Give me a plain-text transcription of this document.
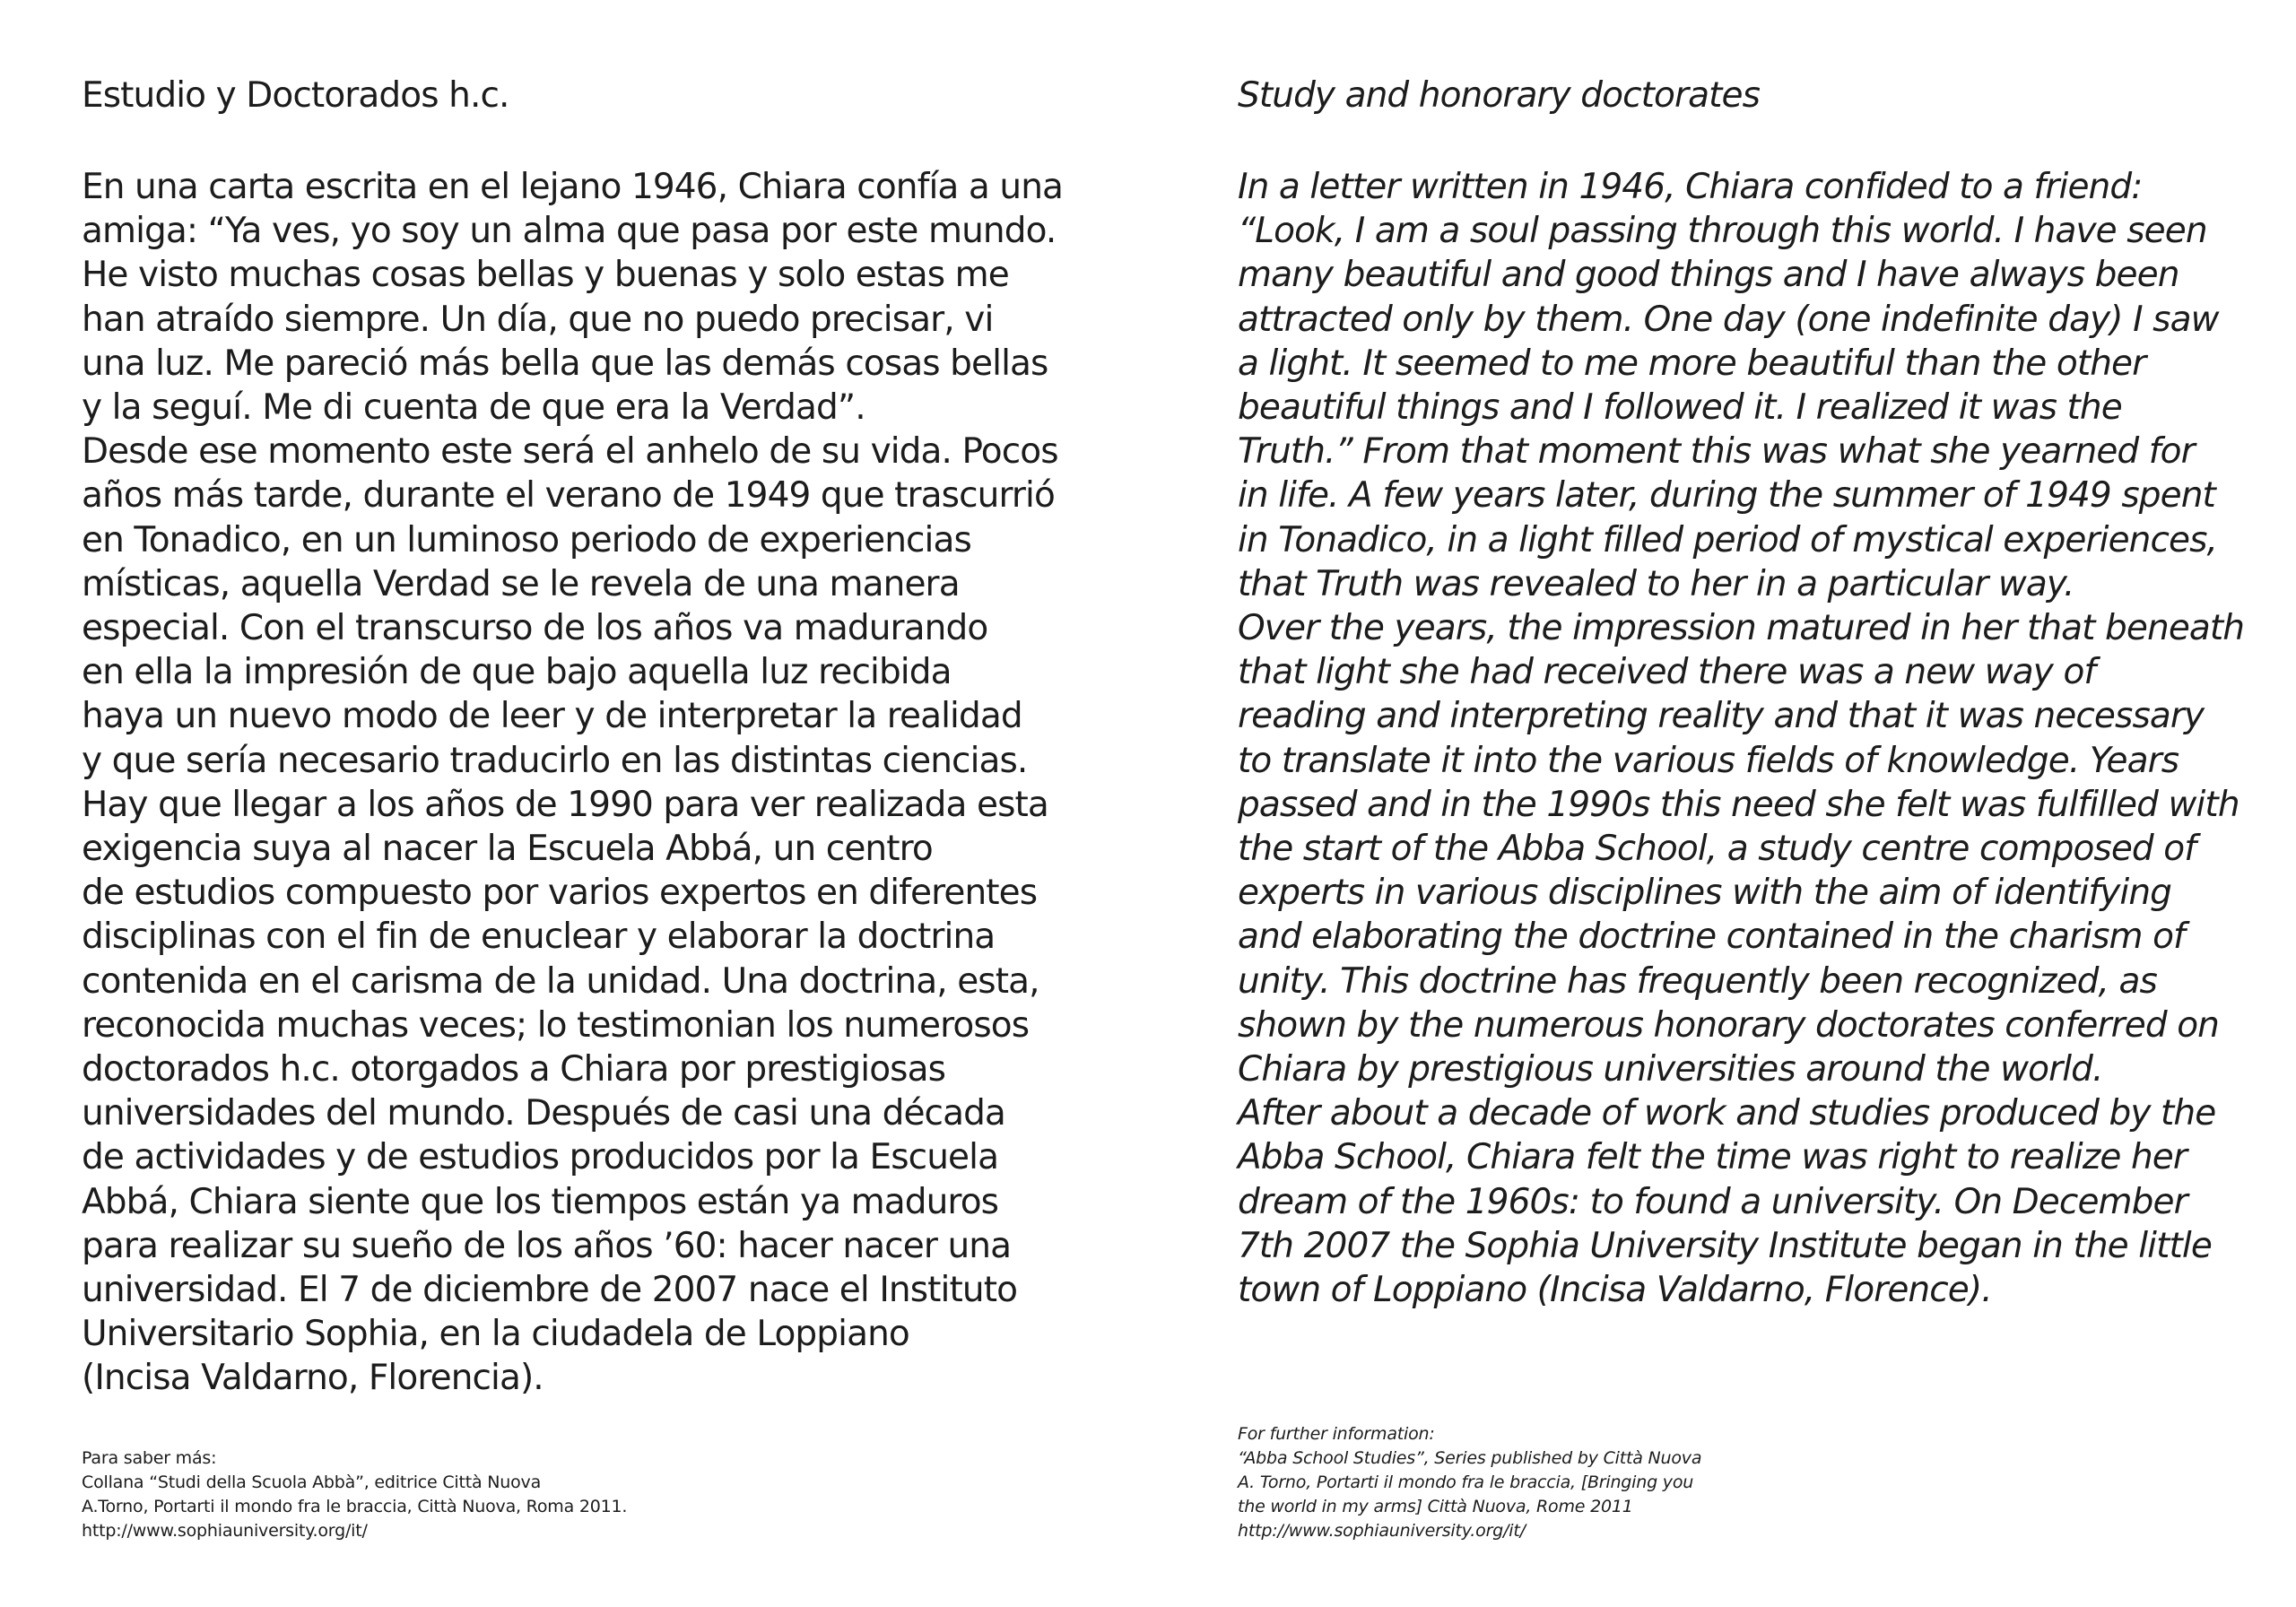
Estudio y Doctorados h.c.

En una carta escrita en el lejano 1946, Chiara confía a una
amiga: “Ya ves, yo soy un alma que pasa por este mundo.
He visto muchas cosas bellas y buenas y solo estas me
han atraído siempre. Un día, que no puedo precisar, vi
una luz. Me pareció más bella que las demás cosas bellas
y la seguí. Me di cuenta de que era la Verdad”.
Desde ese momento este será el anhelo de su vida. Pocos
años más tarde, durante el verano de 1949 que trascurrió
en Tonadico, en un luminoso periodo de experiencias
místicas, aquella Verdad se le revela de una manera
especial. Con el transcurso de los años va madurando
en ella la impresión de que bajo aquella luz recibida
haya un nuevo modo de leer y de interpretar la realidad
y que sería necesario traducirlo en las distintas ciencias.
Hay que llegar a los años de 1990 para ver realizada esta
exigencia suya al nacer la Escuela Abbá, un centro
de estudios compuesto por varios expertos en diferentes
disciplinas con el fin de enuclear y elaborar la doctrina
contenida en el carisma de la unidad. Una doctrina, esta,
reconocida muchas veces; lo testimonian los numerosos
doctorados h.c. otorgados a Chiara por prestigiosas
universidades del mundo. Después de casi una década
de actividades y de estudios producidos por la Escuela
Abbá, Chiara siente que los tiempos están ya maduros
para realizar su sueño de los años ’60: hacer nacer una
universidad. El 7 de diciembre de 2007 nace el Instituto
Universitario Sophia, en la ciudadela de Loppiano
(Incisa Valdarno, Florencia).

Para saber más:
Collana “Studi della Scuola Abbà”, editrice Città Nuova
A.Torno, Portarti il mondo fra le braccia, Città Nuova, Roma 2011.
http://www.sophiauniversity.org/it/
Study and honorary doctorates

In a letter written in 1946, Chiara confided to a friend:
“Look, I am a soul passing through this world. I have seen
many beautiful and good things and I have always been
attracted only by them. One day (one indefinite day) I saw
a light. It seemed to me more beautiful than the other
beautiful things and I followed it. I realized it was the
Truth.” From that moment this was what she yearned for
in life. A few years later, during the summer of 1949 spent
in Tonadico, in a light filled period of mystical experiences,
that Truth was revealed to her in a particular way.
Over the years, the impression matured in her that beneath
that light she had received there was a new way of
reading and interpreting reality and that it was necessary
to translate it into the various fields of knowledge. Years
passed and in the 1990s this need she felt was fulfilled with
the start of the Abba School, a study centre composed of
experts in various disciplines with the aim of identifying
and elaborating the doctrine contained in the charism of
unity. This doctrine has frequently been recognized, as
shown by the numerous honorary doctorates conferred on
Chiara by prestigious universities around the world.
After about a decade of work and studies produced by the
Abba School, Chiara felt the time was right to realize her
dream of the 1960s: to found a university. On December
7th 2007 the Sophia University Institute began in the little
town of Loppiano (Incisa Valdarno, Florence).

For further information:
“Abba School Studies”, Series published by Città Nuova
A. Torno, Portarti il mondo fra le braccia, [Bringing you
the world in my arms] Città Nuova, Rome 2011
http://www.sophiauniversity.org/it/
